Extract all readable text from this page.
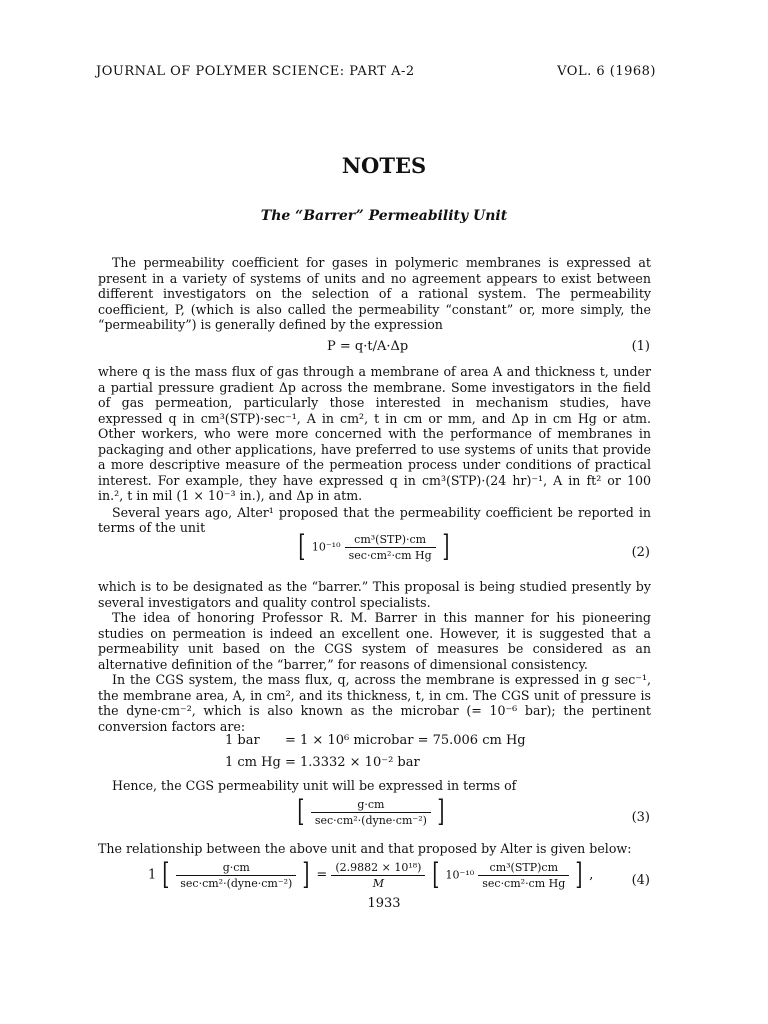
JOURNAL OF POLYMER SCIENCE: PART A-2	VOL. 6 (1968)
NOTES
The “Barrer” Permeability Unit

The permeability coefficient for gases in polymeric membranes is expressed at present in a variety of systems of units and no agreement appears to exist between different investigators on the selection of a rational system. The permeability coefficient, P, (which is also called the permeability “constant” or, more simply, the “permeability”) is generally defined by the expression

P = q·t/A·Δp	(1)

where q is the mass flux of gas through a membrane of area A and thickness t, under a partial pressure gradient Δp across the membrane. Some investigators in the field of gas permeation, particularly those interested in mechanism studies, have expressed q in cm³(STP)·sec⁻¹, A in cm², t in cm or mm, and Δp in cm Hg or atm. Other workers, who were more concerned with the performance of membranes in packaging and other applications, have preferred to use systems of units that provide a more descriptive measure of the permeation process under conditions of practical interest. For example, they have expressed q in cm³(STP)·(24 hr)⁻¹, A in ft² or 100 in.², t in mil (1 × 10⁻³ in.), and Δp in atm.

Several years ago, Alter¹ proposed that the permeability coefficient be reported in terms of the unit

[ $10^{-10} \frac{\text{cm³(STP)·cm}}{\text{sec·cm²·cm Hg}}$ ]	(2)

which is to be designated as the “barrer.” This proposal is being studied presently by several investigators and quality control specialists.

The idea of honoring Professor R. M. Barrer in this manner for his pioneering studies on permeation is indeed an excellent one. However, it is suggested that a permeability unit based on the CGS system of measures be considered as an alternative definition of the “barrer,” for reasons of dimensional consistency.

In the CGS system, the mass flux, q, across the membrane is expressed in g sec⁻¹, the membrane area, A, in cm², and its thickness, t, in cm. The CGS unit of pressure is the dyne·cm⁻², which is also known as the microbar (= 10⁻⁶ bar); the pertinent conversion factors are:

1 bar = 1 × 10⁶ microbar = 75.006 cm Hg
1 cm Hg = 1.3332 × 10⁻² bar

Hence, the CGS permeability unit will be expressed in terms of

[ $\frac{g\cdot cm}{\text{sec·cm²·(dyne·cm⁻²)}}$ ]	(3)

The relationship between the above unit and that proposed by Alter is given below:

1 [ $\frac{g\cdot cm}{\text{sec·cm²·(dyne·cm⁻²)}}$ ] = $\frac{\text{(2.9882 × 10¹⁸)}}{M}$ [ $10^{-10} \frac{\text{cm³(STP)cm}}{\text{sec·cm²·cm Hg}}$ ] ,	(4)
1933
